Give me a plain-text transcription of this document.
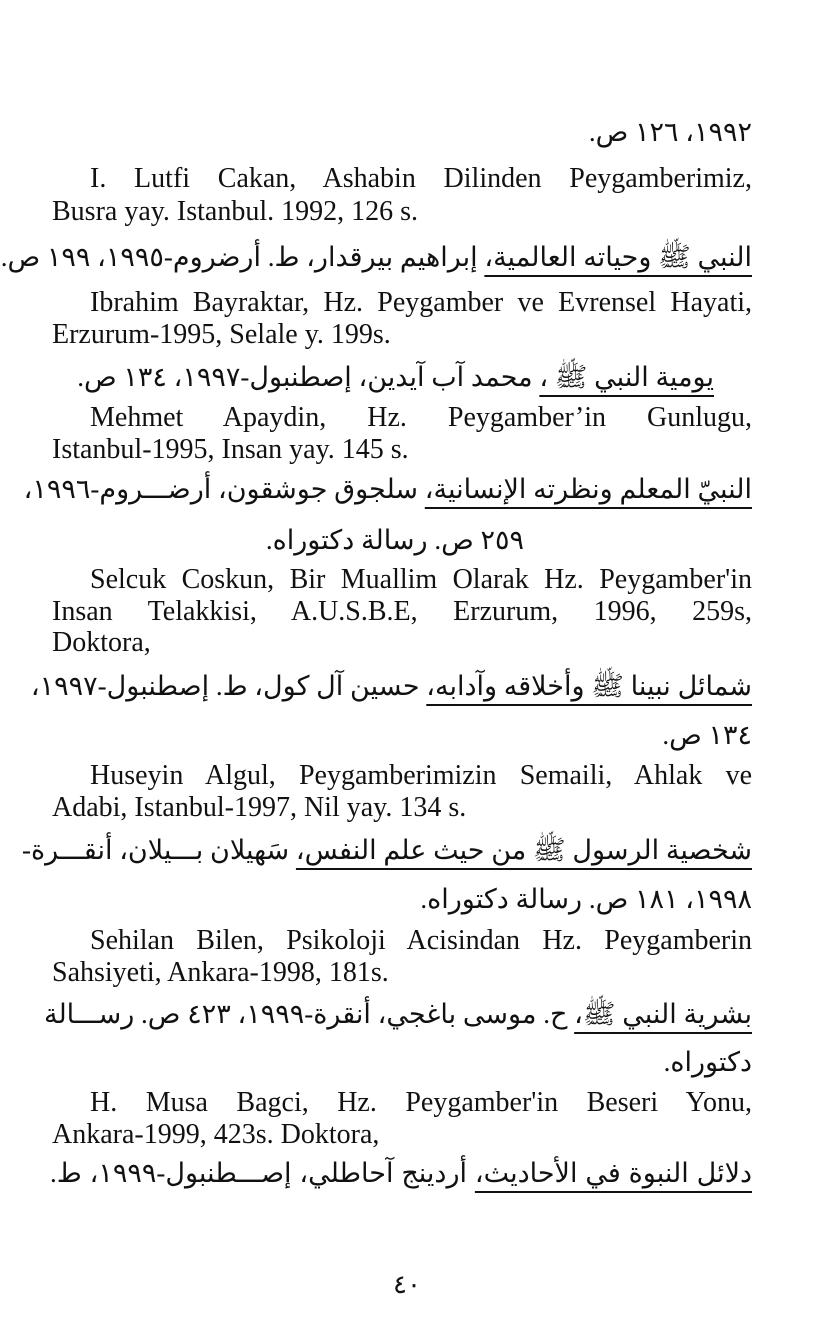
١٩٩٢، ١٢٦ ص.
I. Lutfi Cakan, Ashabin Dilinden Peygamberimiz,
Busra yay. Istanbul. 1992, 126 s.
النبي ﷺ وحياته العالمية، إبراهيم بيرقدار، ط. أرضروم-١٩٩٥، ١٩٩ ص.
Ibrahim Bayraktar, Hz. Peygamber ve Evrensel Hayati,
Erzurum-1995, Selale y. 199s.
يومية النبي ﷺ ، محمد آب آيدين، إصطنبول-١٩٩٧، ١٣٤ ص.
Mehmet Apaydin, Hz. Peygamber’in Gunlugu,
Istanbul-1995, Insan yay. 145 s.
النبيّ المعلم ونظرته الإنسانية، سلجوق جوشقون، أرضـــروم-١٩٩٦،
٢٥٩ ص. رسالة دكتوراه.
Selcuk Coskun, Bir Muallim Olarak Hz. Peygamber'in
Insan Telakkisi, A.U.S.B.E, Erzurum, 1996, 259s,
Doktora,
شمائل نبينا ﷺ وأخلاقه وآدابه، حسين آل كول، ط. إصطنبول-١٩٩٧،
١٣٤ ص.
Huseyin Algul, Peygamberimizin Semaili, Ahlak ve
Adabi, Istanbul-1997, Nil yay. 134 s.
شخصية الرسول ﷺ من حيث علم النفس، سَهيلان بـــيلان، أنقـــرة-
١٩٩٨، ١٨١ ص. رسالة دكتوراه.
Sehilan Bilen, Psikoloji Acisindan Hz. Peygamberin
Sahsiyeti, Ankara-1998, 181s.
بشرية النبي ﷺ، ح. موسى باغجي، أنقرة-١٩٩٩، ٤٢٣ ص. رســـالة
دكتوراه.
H. Musa Bagci, Hz. Peygamber'in Beseri Yonu,
Ankara-1999, 423s. Doktora,
دلائل النبوة في الأحاديث، أردينج آحاطلي، إصـــطنبول-١٩٩٩، ط.
٤٠
